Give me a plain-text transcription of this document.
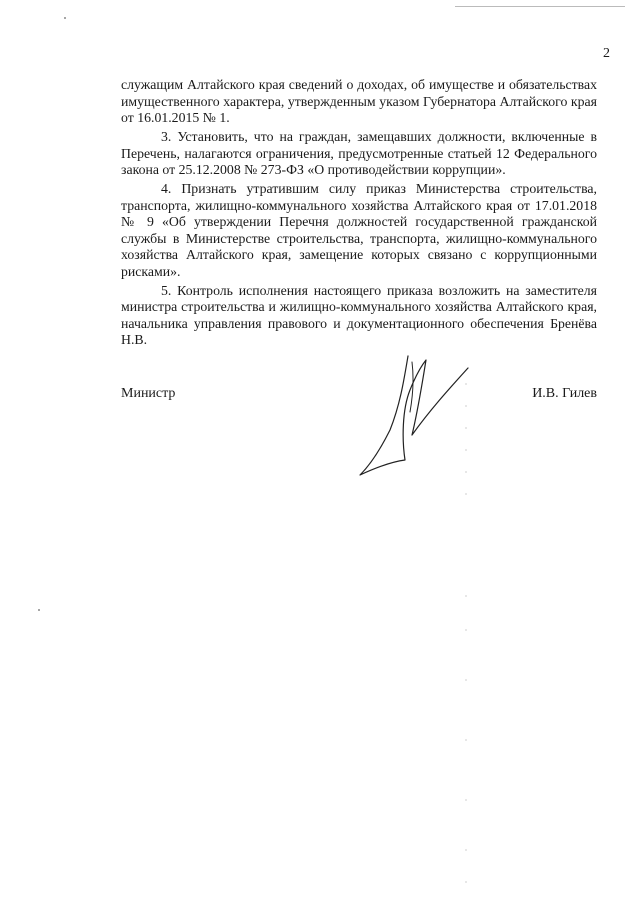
2

служащим Алтайского края сведений о доходах, об имуществе и обязательствах имущественного характера, утвержденным указом Губернатора Алтайского края от 16.01.2015 № 1.

3. Установить, что на граждан, замещавших должности, включенные в Перечень, налагаются ограничения, предусмотренные статьей 12 Федерального закона от 25.12.2008 № 273-ФЗ «О противодействии коррупции».

4. Признать утратившим силу приказ Министерства строительства, транспорта, жилищно-коммунального хозяйства Алтайского края от 17.01.2018 № 9 «Об утверждении Перечня должностей государственной гражданской службы в Министерстве строительства, транспорта, жилищно-коммунального хозяйства Алтайского края, замещение которых связано с коррупционными рисками».

5. Контроль исполнения настоящего приказа возложить на заместителя министра строительства и жилищно-коммунального хозяйства Алтайского края, начальника управления правового и документационного обеспечения Бренёва Н.В.

Министр	И.В. Гилев
